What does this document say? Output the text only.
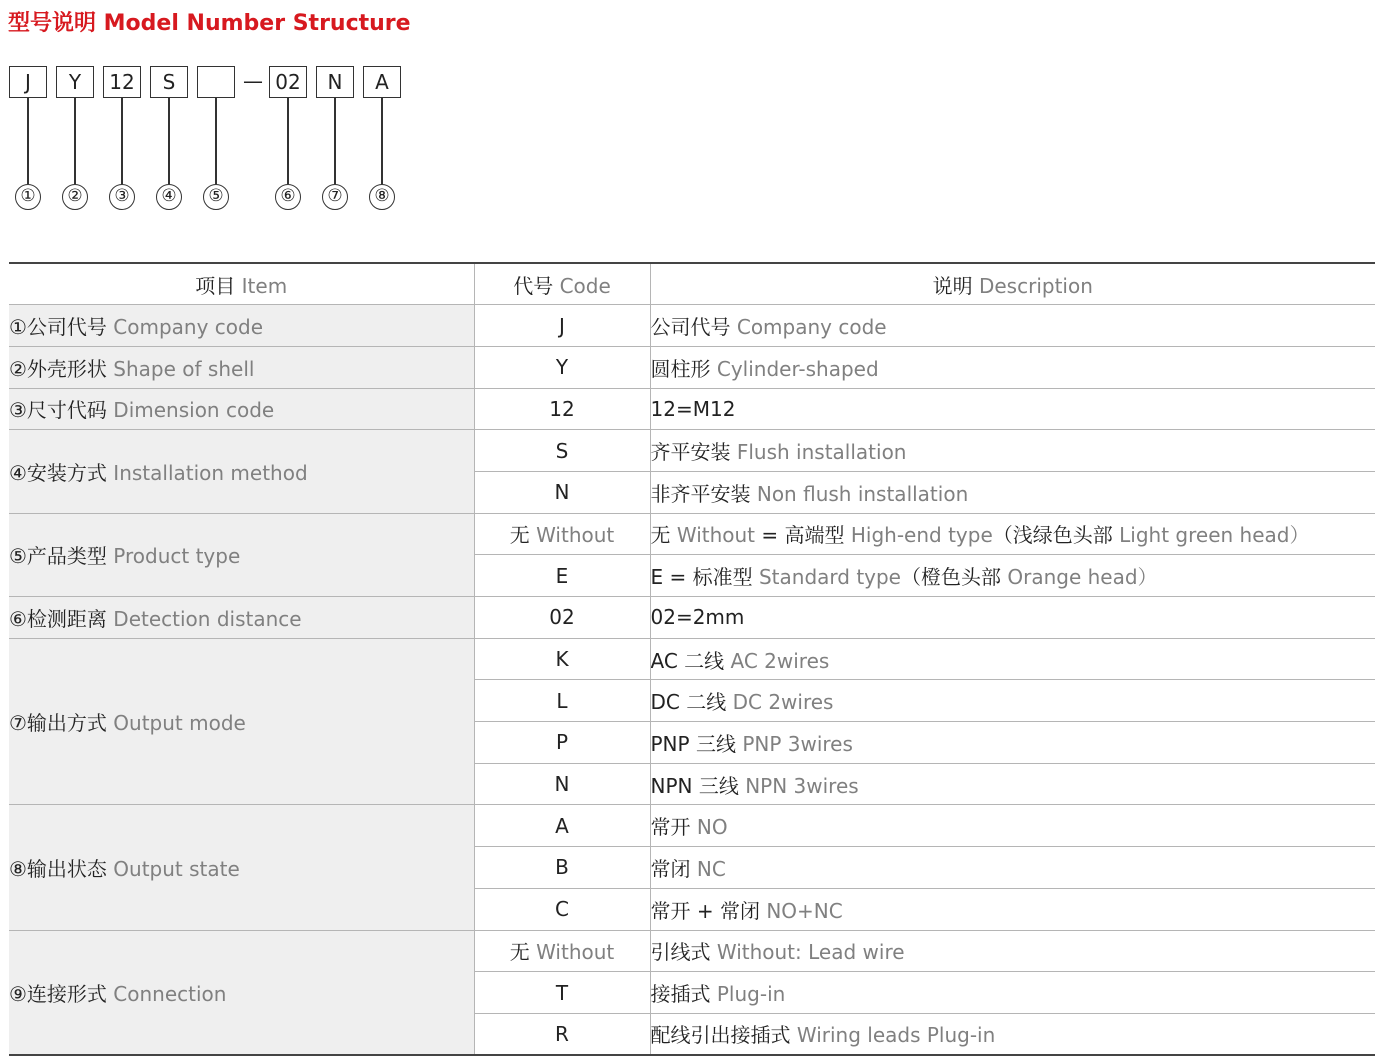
型号说明 Model Number Structure
J	Y	12	S	— 02	N	A
①	②	③	④	⑤	⑥	⑦	⑧
项目 Item	代号 Code	说明 Description
①公司代号 Company code	J	公司代号 Company code
②外壳形状 Shape of shell	Y	圆柱形 Cylinder-shaped
③尺寸代码 Dimension code	12	12=M12
④安装方式 Installation method	S	齐平安装 Flush installation
	N	非齐平安装 Non flush installation
⑤产品类型 Product type	无 Without	无 Without = 高端型 High-end type（浅绿色头部 Light green head）
	E	E = 标准型 Standard type（橙色头部 Orange head）
⑥检测距离 Detection distance	02	02=2mm
⑦输出方式 Output mode	K	AC 二线 AC 2wires
	L	DC 二线 DC 2wires
	P	PNP 三线 PNP 3wires
	N	NPN 三线 NPN 3wires
⑧输出状态 Output state	A	常开 NO
	B	常闭 NC
	C	常开 + 常闭 NO+NC
⑨连接形式 Connection	无 Without	引线式 Without: Lead wire
	T	接插式 Plug-in
	R	配线引出接插式 Wiring leads Plug-in
